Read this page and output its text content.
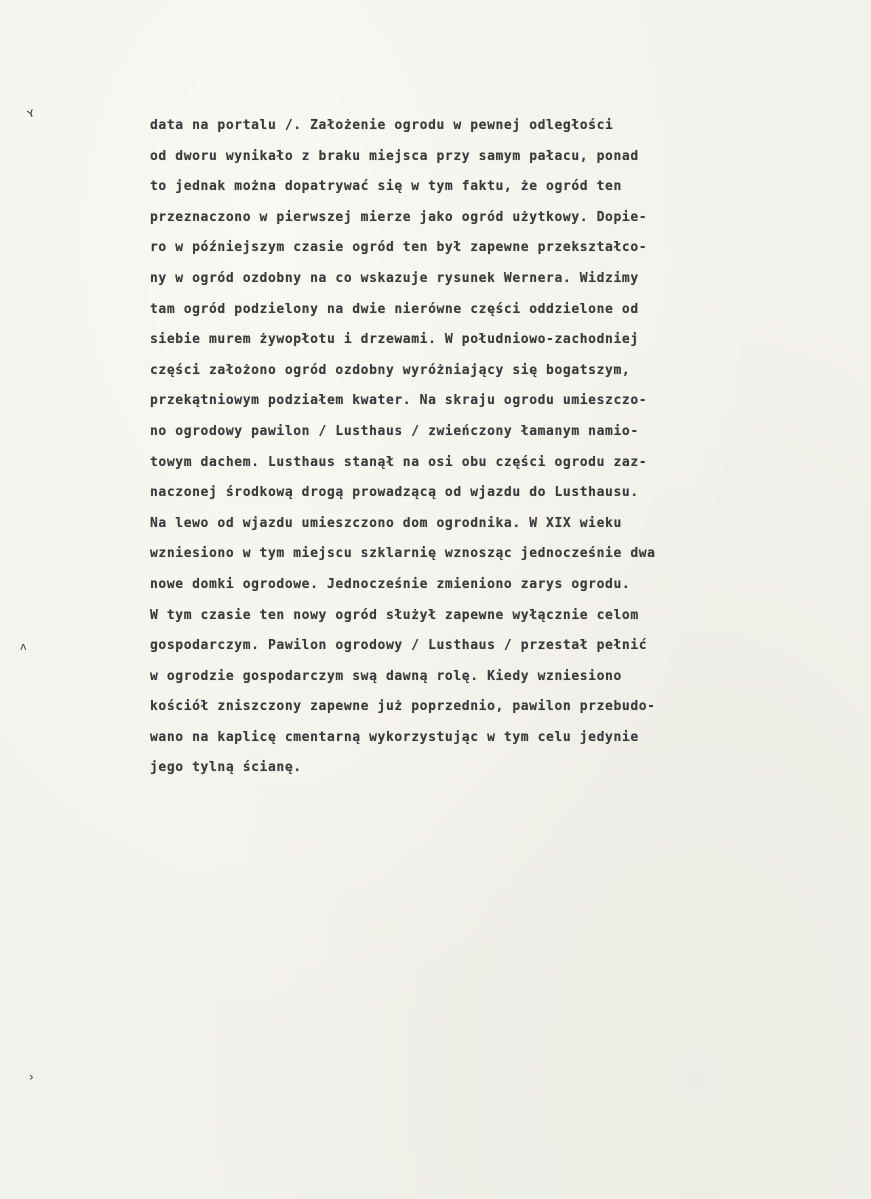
ʏ
ʌ
›
data na portalu /. Założenie ogrodu w pewnej odległości
od dworu wynikało z braku miejsca przy samym pałacu, ponad
to jednak można dopatrywać się w tym faktu, że ogród ten
przeznaczono w pierwszej mierze jako ogród użytkowy. Dopie-
ro w późniejszym czasie ogród ten był zapewne przekształco-
ny w ogród ozdobny na co wskazuje rysunek Wernera. Widzimy
tam ogród podzielony na dwie nierówne części oddzielone od
siebie murem żywopłotu i drzewami. W południowo-zachodniej
części założono ogród ozdobny wyróżniający się bogatszym,
przekątniowym podziałem kwater. Na skraju ogrodu umieszczo-
no ogrodowy pawilon / Lusthaus / zwieńczony łamanym namio-
towym dachem. Lusthaus stanął na osi obu części ogrodu zaz-
naczonej środkową drogą prowadzącą od wjazdu do Lusthausu.
Na lewo od wjazdu umieszczono dom ogrodnika. W XIX wieku
wzniesiono w tym miejscu szklarnię wznosząc jednocześnie dwa
nowe domki ogrodowe. Jednocześnie zmieniono zarys ogrodu.
W tym czasie ten nowy ogród służył zapewne wyłącznie celom
gospodarczym. Pawilon ogrodowy / Lusthaus / przestał pełnić
w ogrodzie gospodarczym swą dawną rolę. Kiedy wzniesiono
kościół zniszczony zapewne już poprzednio, pawilon przebudo-
wano na kaplicę cmentarną wykorzystując w tym celu jedynie
jego tylną ścianę.
